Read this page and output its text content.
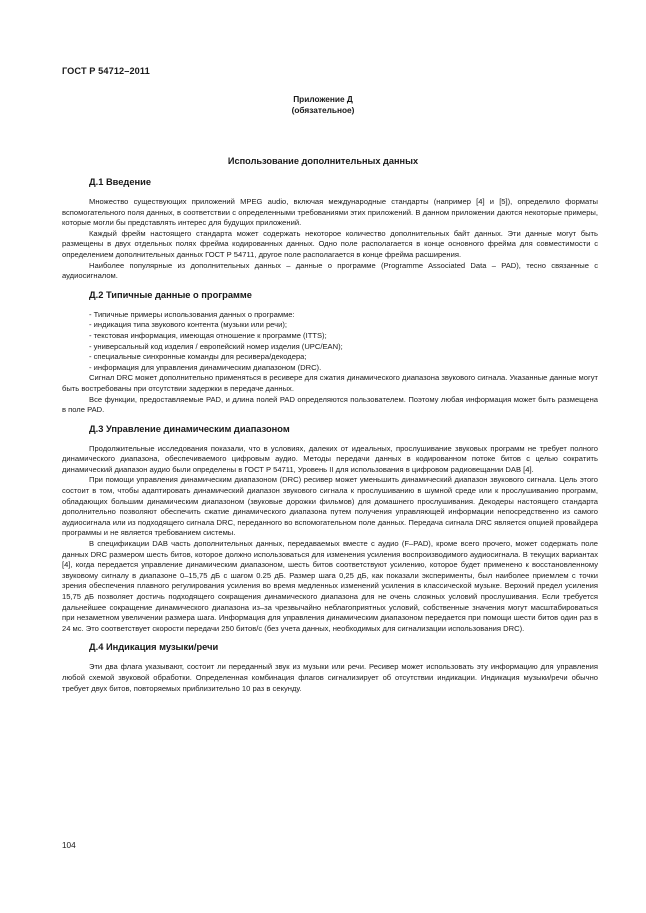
ГОСТ Р 54712–2011
Приложение Д
(обязательное)
Использование дополнительных данных
Д.1 Введение

Множество существующих приложений MPEG audio, включая международные стандарты (например [4] и [5]), определило форматы вспомогательного поля данных, в соответствии с определенными требованиями этих приложений. В данном приложении даются некоторые примеры, которые могли бы представлять интерес для будущих приложений.

Каждый фрейм настоящего стандарта может содержать некоторое количество дополнительных байт данных. Эти данные могут быть размещены в двух отдельных полях фрейма кодированных данных. Одно поле располагается в конце основного фрейма для совместимости с определением дополнительных данных ГОСТ Р 54711, другое поле располагается в конце фрейма расширения.

Наиболее популярные из дополнительных данных – данные о программе (Programme Associated Data – PAD), тесно связанные с аудиосигналом.

Д.2 Типичные данные о программе
- Типичные примеры использования данных о программе:
- индикация типа звукового контента (музыки или речи);
- текстовая информация, имеющая отношение к программе (ITTS);
- универсальный код изделия / европейский номер изделия (UPC/EAN);
- специальные синхронные команды для ресивера/декодера;
- информация для управления динамическим диапазоном (DRC).

Сигнал DRC может дополнительно применяться в ресивере для сжатия динамического диапазона звукового сигнала. Указанные данные могут быть востребованы при отсутствии задержки в передаче данных.

Все функции, предоставляемые PAD, и длина полей PAD определяются пользователем. Поэтому любая информация может быть размещена в поле PAD.

Д.3 Управление динамическим диапазоном

Продолжительные исследования показали, что в условиях, далеких от идеальных, прослушивание звуковых программ не требует полного динамического диапазона, обеспечиваемого цифровым аудио. Методы передачи данных в кодированном потоке битов с целью сократить динамический диапазон аудио были определены в ГОСТ Р 54711, Уровень II для использования в цифровом радиовещании DAB [4].

При помощи управления динамическим диапазоном (DRC) ресивер может уменьшить динамический диапазон звукового сигнала. Цель этого состоит в том, чтобы адаптировать динамический диапазон звукового сигнала к прослушиванию в шумной среде или к прослушиванию программ, обладающих большим динамическим диапазоном (звуковые дорожки фильмов) для домашнего прослушивания. Декодеры настоящего стандарта дополнительно позволяют обеспечить сжатие динамического диапазона путем получения управляющей информации непосредственно из самого аудиосигнала или из подходящего сигнала DRC, переданного во вспомогательном поле данных. Передача сигнала DRC является опцией провайдера программы и не является требованием системы.

В спецификации DAB часть дополнительных данных, передаваемых вместе с аудио (F–PAD), кроме всего прочего, может содержать поле данных DRC размером шесть битов, которое должно использоваться для изменения усиления воспроизводимого аудиосигнала. В текущих вариантах [4], когда передается управление динамическим диапазоном, шесть битов соответствуют усилению, которое будет применено к восстановленному звуковому сигналу в диапазоне 0–15,75 дБ с шагом 0.25 дБ. Размер шага 0,25 дБ, как показали эксперименты, был наиболее приемлем с точки зрения обеспечения плавного регулирования усиления во время медленных изменений усиления в классической музыке. Верхний предел усиления 15,75 дБ позволяет достичь подходящего сокращения динамического диапазона для не очень сложных условий прослушивания. Если требуется дальнейшее сокращение динамического диапазона из–за чрезвычайно неблагоприятных условий, собственные значения могут масштабироваться при незаметном увеличении размера шага. Информация для управления динамическим диапазоном передается при помощи шести битов один раз в 24 мс. Это соответствует скорости передачи 250 битов/с (без учета данных, необходимых для сигнализации использования DRC).

Д.4 Индикация музыки/речи

Эти два флага указывают, состоит ли переданный звук из музыки или речи. Ресивер может использовать эту информацию для управления любой схемой звуковой обработки. Определенная комбинация флагов сигнализирует об отсутствии индикации. Индикация музыки/речи обычно требует двух битов, повторяемых приблизительно 10 раз в секунду.

104
